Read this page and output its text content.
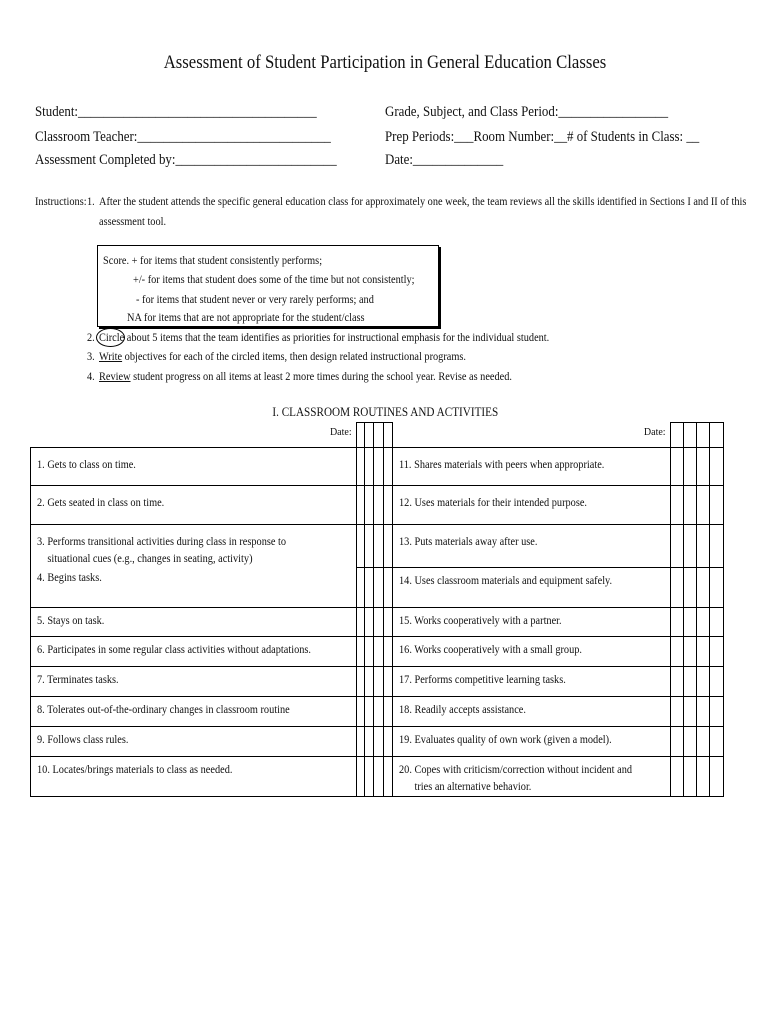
Assessment of Student Participation in General Education Classes
Student:_____________________________________
Classroom Teacher:______________________________
Assessment Completed by:_________________________
Grade, Subject, and Class Period:_________________
Prep Periods:___Room Number:__# of Students in Class: __
Date:______________
Instructions: 1. After the student attends the specific general education class for approximately one week, the team reviews all the skills identified in Sections I and II of this
assessment tool.
Score. + for items that student consistently performs;
+/- for items that student does some of the time but not consistently;
- for items that student never or very rarely performs; and
NA for items that are not appropriate for the student/class
2. Circle about 5 items that the team identifies as priorities for instructional emphasis for the individual student.
3. Write objectives for each of the circled items, then design related instructional programs.
4. Review student progress on all items at least 2 more times during the school year. Revise as needed.
I. CLASSROOM ROUTINES AND ACTIVITIES
Date:					Date:				
1. Gets to class on time.					11. Shares materials with peers when appropriate.				
2. Gets seated in class on time.					12. Uses materials for their intended purpose.				
3. Performs transitional activities during class in response to
situational cues (e.g., changes in seating, activity)					13. Puts materials away after use.				
4. Begins tasks.					14. Uses classroom materials and equipment safely.				
5. Stays on task.					15. Works cooperatively with a partner.				
6. Participates in some regular class activities without adaptations.					16. Works cooperatively with a small group.				
7. Terminates tasks.					17. Performs competitive learning tasks.				
8. Tolerates out-of-the-ordinary changes in classroom routine					18. Readily accepts assistance.				
9. Follows class rules.					19. Evaluates quality of own work (given a model).				
10. Locates/brings materials to class as needed.					20. Copes with criticism/correction without incident and
tries an alternative behavior.				
